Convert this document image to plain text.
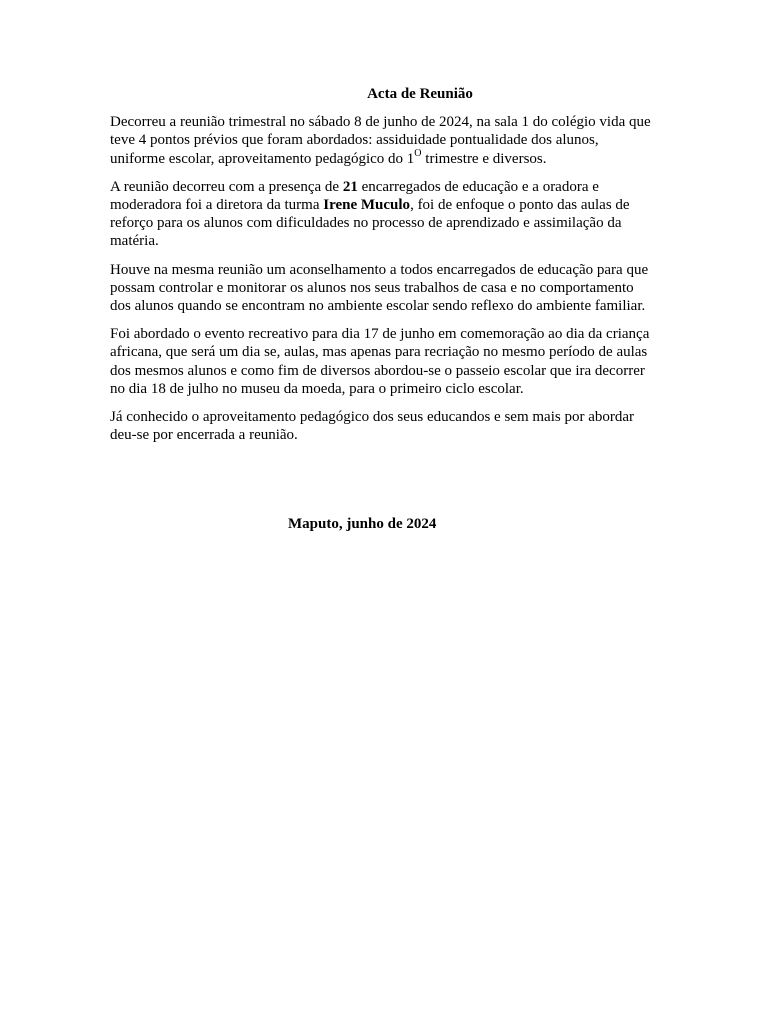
Acta de Reunião

Decorreu a reunião trimestral no sábado 8 de junho de 2024, na sala 1 do colégio vida que teve 4 pontos prévios que foram abordados: assiduidade pontualidade dos alunos, uniforme escolar, aproveitamento pedagógico do $1^O$ trimestre e diversos.

A reunião decorreu com a presença de 21 encarregados de educação e a oradora e moderadora foi a diretora da turma Irene Muculo, foi de enfoque o ponto das aulas de reforço para os alunos com dificuldades no processo de aprendizado e assimilação da matéria.

Houve na mesma reunião um aconselhamento a todos encarregados de educação para que possam controlar e monitorar os alunos nos seus trabalhos de casa e no comportamento dos alunos quando se encontram no ambiente escolar sendo reflexo do ambiente familiar.

Foi abordado o evento recreativo para dia 17 de junho em comemoração ao dia da criança africana, que será um dia se, aulas, mas apenas para recriação no mesmo período de aulas dos mesmos alunos e como fim de diversos abordou-se o passeio escolar que ira decorrer no dia 18 de julho no museu da moeda, para o primeiro ciclo escolar.

Já conhecido o aproveitamento pedagógico dos seus educandos e sem mais por abordar deu-se por encerrada a reunião.

Maputo, junho de 2024
